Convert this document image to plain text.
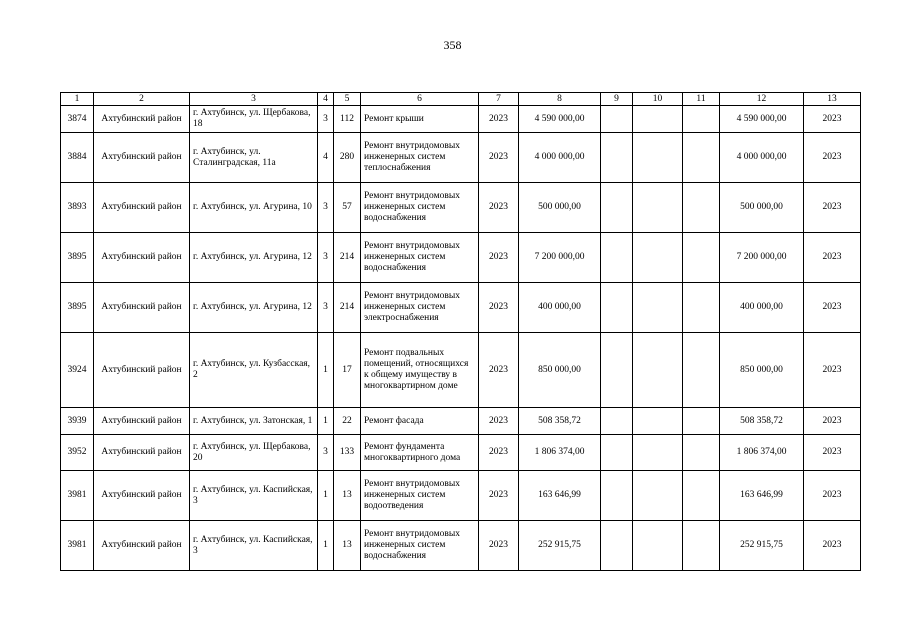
358
1	2	3	4	5	6	7	8	9	10	11	12	13
3874	Ахтубинский район	г. Ахтубинск, ул. Щербакова, 18	3	112	Ремонт крыши	2023	4 590 000,00				4 590 000,00	2023
3884	Ахтубинский район	г. Ахтубинск, ул. Сталинградская, 11а	4	280	Ремонт внутридомовых инженерных систем теплоснабжения	2023	4 000 000,00				4 000 000,00	2023
3893	Ахтубинский район	г. Ахтубинск, ул. Агурина, 10	3	57	Ремонт внутридомовых инженерных систем водоснабжения	2023	500 000,00				500 000,00	2023
3895	Ахтубинский район	г. Ахтубинск, ул. Агурина, 12	3	214	Ремонт внутридомовых инженерных систем водоснабжения	2023	7 200 000,00				7 200 000,00	2023
3895	Ахтубинский район	г. Ахтубинск, ул. Агурина, 12	3	214	Ремонт внутридомовых инженерных систем электроснабжения	2023	400 000,00				400 000,00	2023
3924	Ахтубинский район	г. Ахтубинск, ул. Кузбасская, 2	1	17	Ремонт подвальных помещений, относящихся к общему имуществу в многоквартирном доме	2023	850 000,00				850 000,00	2023
3939	Ахтубинский район	г. Ахтубинск, ул. Затонская, 1	1	22	Ремонт фасада	2023	508 358,72				508 358,72	2023
3952	Ахтубинский район	г. Ахтубинск, ул. Щербакова, 20	3	133	Ремонт фундамента многоквартирного дома	2023	1 806 374,00				1 806 374,00	2023
3981	Ахтубинский район	г. Ахтубинск, ул. Каспийская, 3	1	13	Ремонт внутридомовых инженерных систем водоотведения	2023	163 646,99				163 646,99	2023
3981	Ахтубинский район	г. Ахтубинск, ул. Каспийская, 3	1	13	Ремонт внутридомовых инженерных систем водоснабжения	2023	252 915,75				252 915,75	2023
